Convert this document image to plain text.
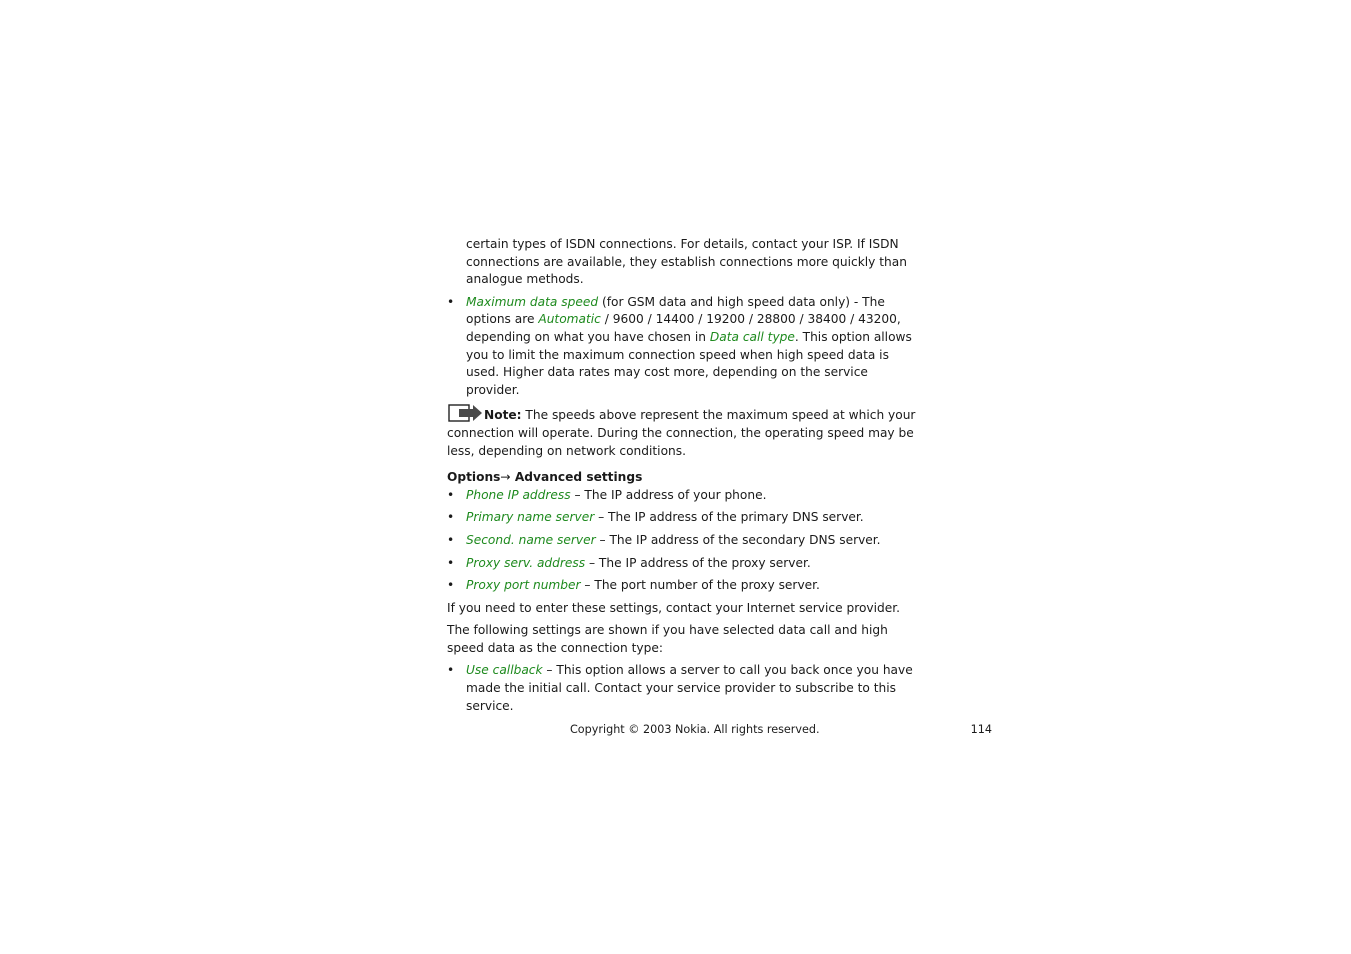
certain types of ISDN connections. For details, contact your ISP. If ISDN connections are available, they establish connections more quickly than analogue methods.

• Maximum data speed (for GSM data and high speed data only) - The options are Automatic / 9600 / 14400 / 19200 / 28800 / 38400 / 43200, depending on what you have chosen in Data call type. This option allows you to limit the maximum connection speed when high speed data is used. Higher data rates may cost more, depending on the service provider.

Note: The speeds above represent the maximum speed at which your connection will operate. During the connection, the operating speed may be less, depending on network conditions.

Options→ Advanced settings

• Phone IP address – The IP address of your phone.

• Primary name server – The IP address of the primary DNS server.

• Second. name server – The IP address of the secondary DNS server.

• Proxy serv. address – The IP address of the proxy server.

• Proxy port number – The port number of the proxy server.

If you need to enter these settings, contact your Internet service provider.

The following settings are shown if you have selected data call and high speed data as the connection type:

• Use callback – This option allows a server to call you back once you have made the initial call. Contact your service provider to subscribe to this service.

Copyright © 2003 Nokia. All rights reserved.	114
